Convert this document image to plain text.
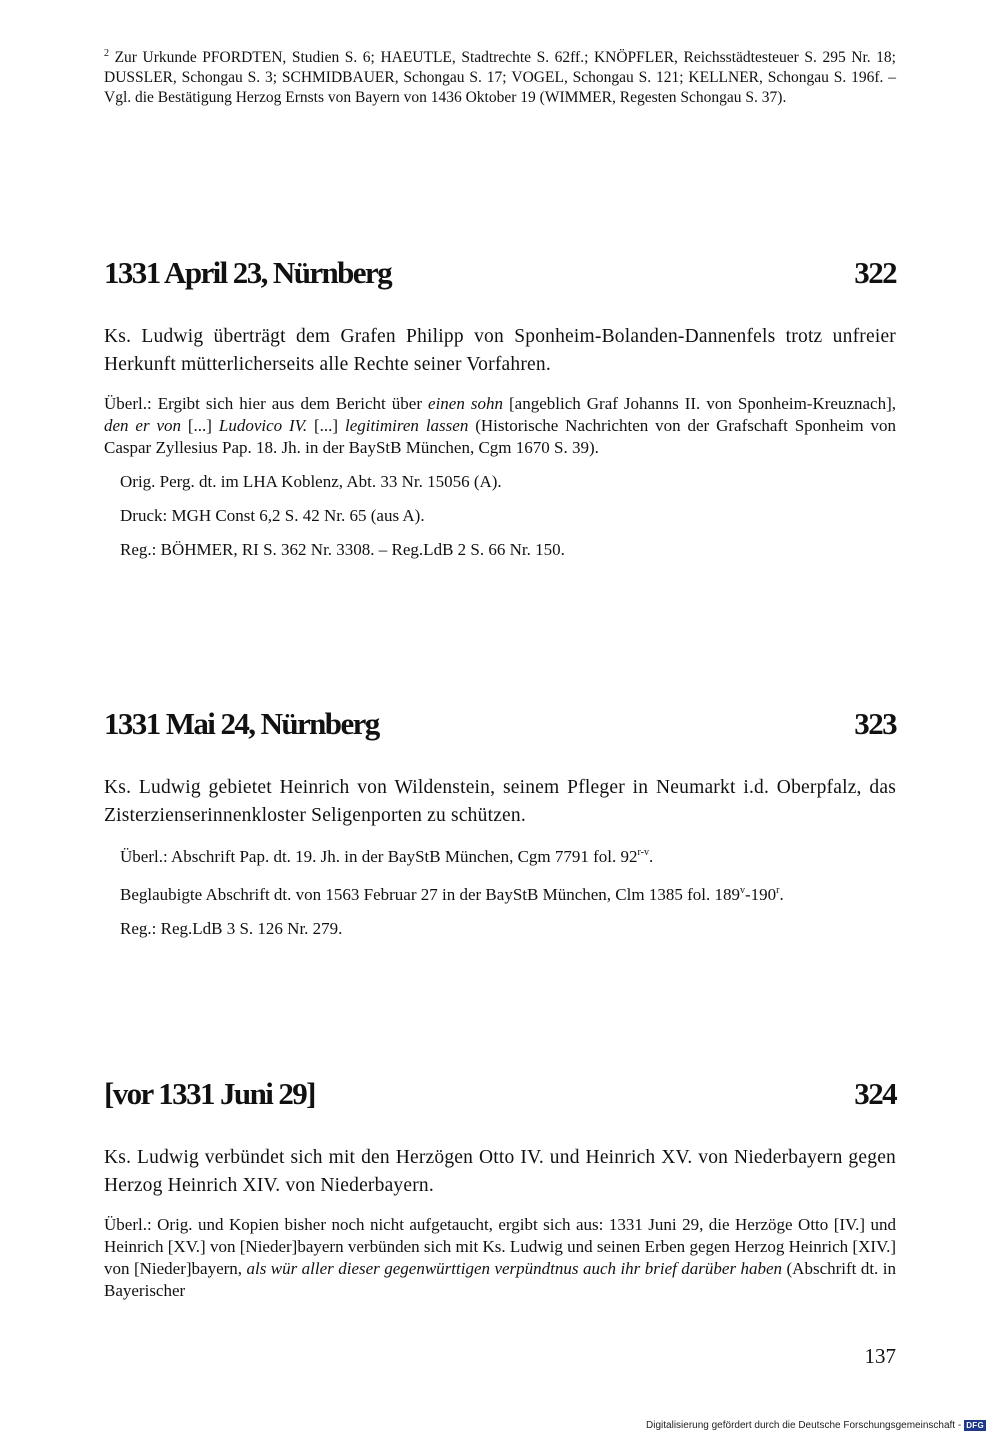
$^2$ Zur Urkunde PFORDTEN, Studien S. 6; HAEUTLE, Stadtrechte S. 62ff.; KNÖPFLER, Reichsstädtesteuer S. 295 Nr. 18; DUSSLER, Schongau S. 3; SCHMIDBAUER, Schongau S. 17; VOGEL, Schongau S. 121; KELLNER, Schongau S. 196f. – Vgl. die Bestätigung Herzog Ernsts von Bayern von 1436 Oktober 19 (WIMMER, Regesten Schongau S. 37).
1331 April 23, Nürnberg	322
Ks. Ludwig überträgt dem Grafen Philipp von Sponheim-Bolanden-Dannenfels trotz unfreier Herkunft mütterlicherseits alle Rechte seiner Vorfahren.

Überl.: Ergibt sich hier aus dem Bericht über einen sohn [angeblich Graf Johanns II. von Sponheim-Kreuznach], den er von [...] Ludovico IV. [...] legitimiren lassen (Historische Nachrichten von der Grafschaft Sponheim von Caspar Zyllesius Pap. 18. Jh. in der BayStB München, Cgm 1670 S. 39).

Orig. Perg. dt. im LHA Koblenz, Abt. 33 Nr. 15056 (A).

Druck: MGH Const 6,2 S. 42 Nr. 65 (aus A).

Reg.: BÖHMER, RI S. 362 Nr. 3308. – Reg.LdB 2 S. 66 Nr. 150.

1331 Mai 24, Nürnberg	323
Ks. Ludwig gebietet Heinrich von Wildenstein, seinem Pfleger in Neumarkt i.d. Oberpfalz, das Zisterzienserinnenkloster Seligenporten zu schützen.

Überl.: Abschrift Pap. dt. 19. Jh. in der BayStB München, Cgm 7791 fol. 92$^{r-v}$.

Beglaubigte Abschrift dt. von 1563 Februar 27 in der BayStB München, Clm 1385 fol. 189$^v$-190$^r$.

Reg.: Reg.LdB 3 S. 126 Nr. 279.

[vor 1331 Juni 29]	324
Ks. Ludwig verbündet sich mit den Herzögen Otto IV. und Heinrich XV. von Niederbayern gegen Herzog Heinrich XIV. von Niederbayern.

Überl.: Orig. und Kopien bisher noch nicht aufgetaucht, ergibt sich aus: 1331 Juni 29, die Herzöge Otto [IV.] und Heinrich [XV.] von [Nieder]bayern verbünden sich mit Ks. Ludwig und seinen Erben gegen Herzog Heinrich [XIV.] von [Nieder]bayern, als wür aller dieser gegenwürttigen verpündtnus auch ihr brief darüber haben (Abschrift dt. in Bayerischer

137
Digitalisierung gefördert durch die Deutsche Forschungsgemeinschaft - DFG
